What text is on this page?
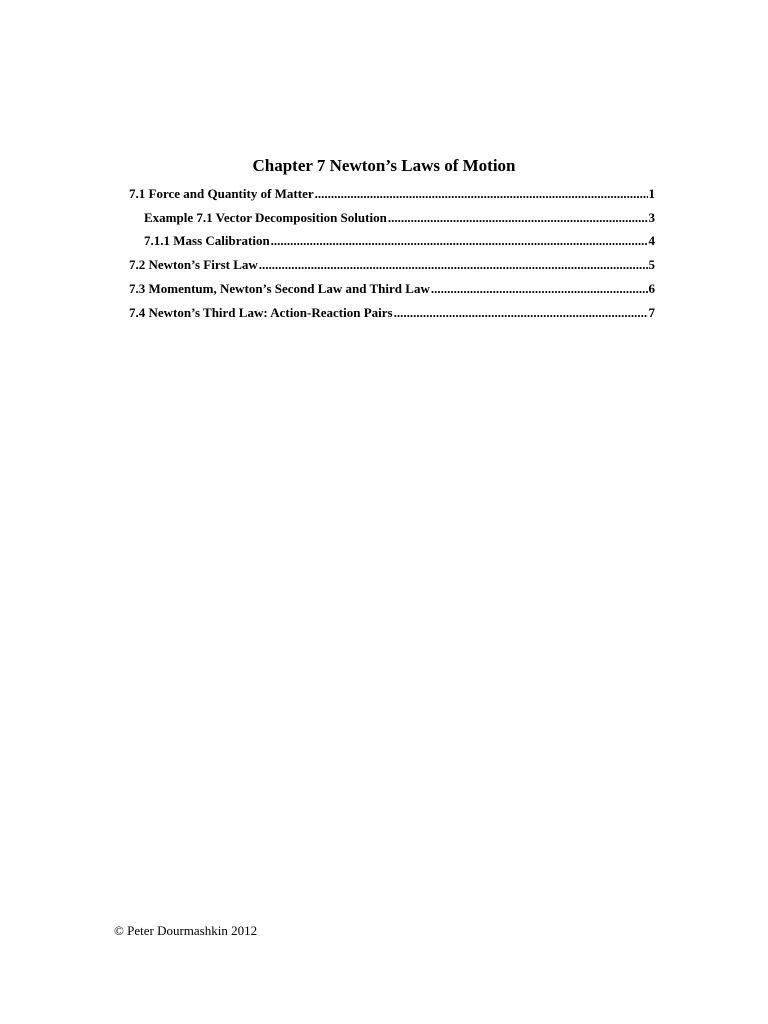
Chapter 7 Newton’s Laws of Motion
7.1 Force and Quantity of Matter .....	1
Example 7.1 Vector Decomposition Solution .....	3
7.1.1 Mass Calibration .....	4
7.2 Newton’s First Law .....	5
7.3 Momentum, Newton’s Second Law and Third Law .....	6
7.4 Newton’s Third Law: Action-Reaction Pairs .....	7
© Peter Dourmashkin 2012
